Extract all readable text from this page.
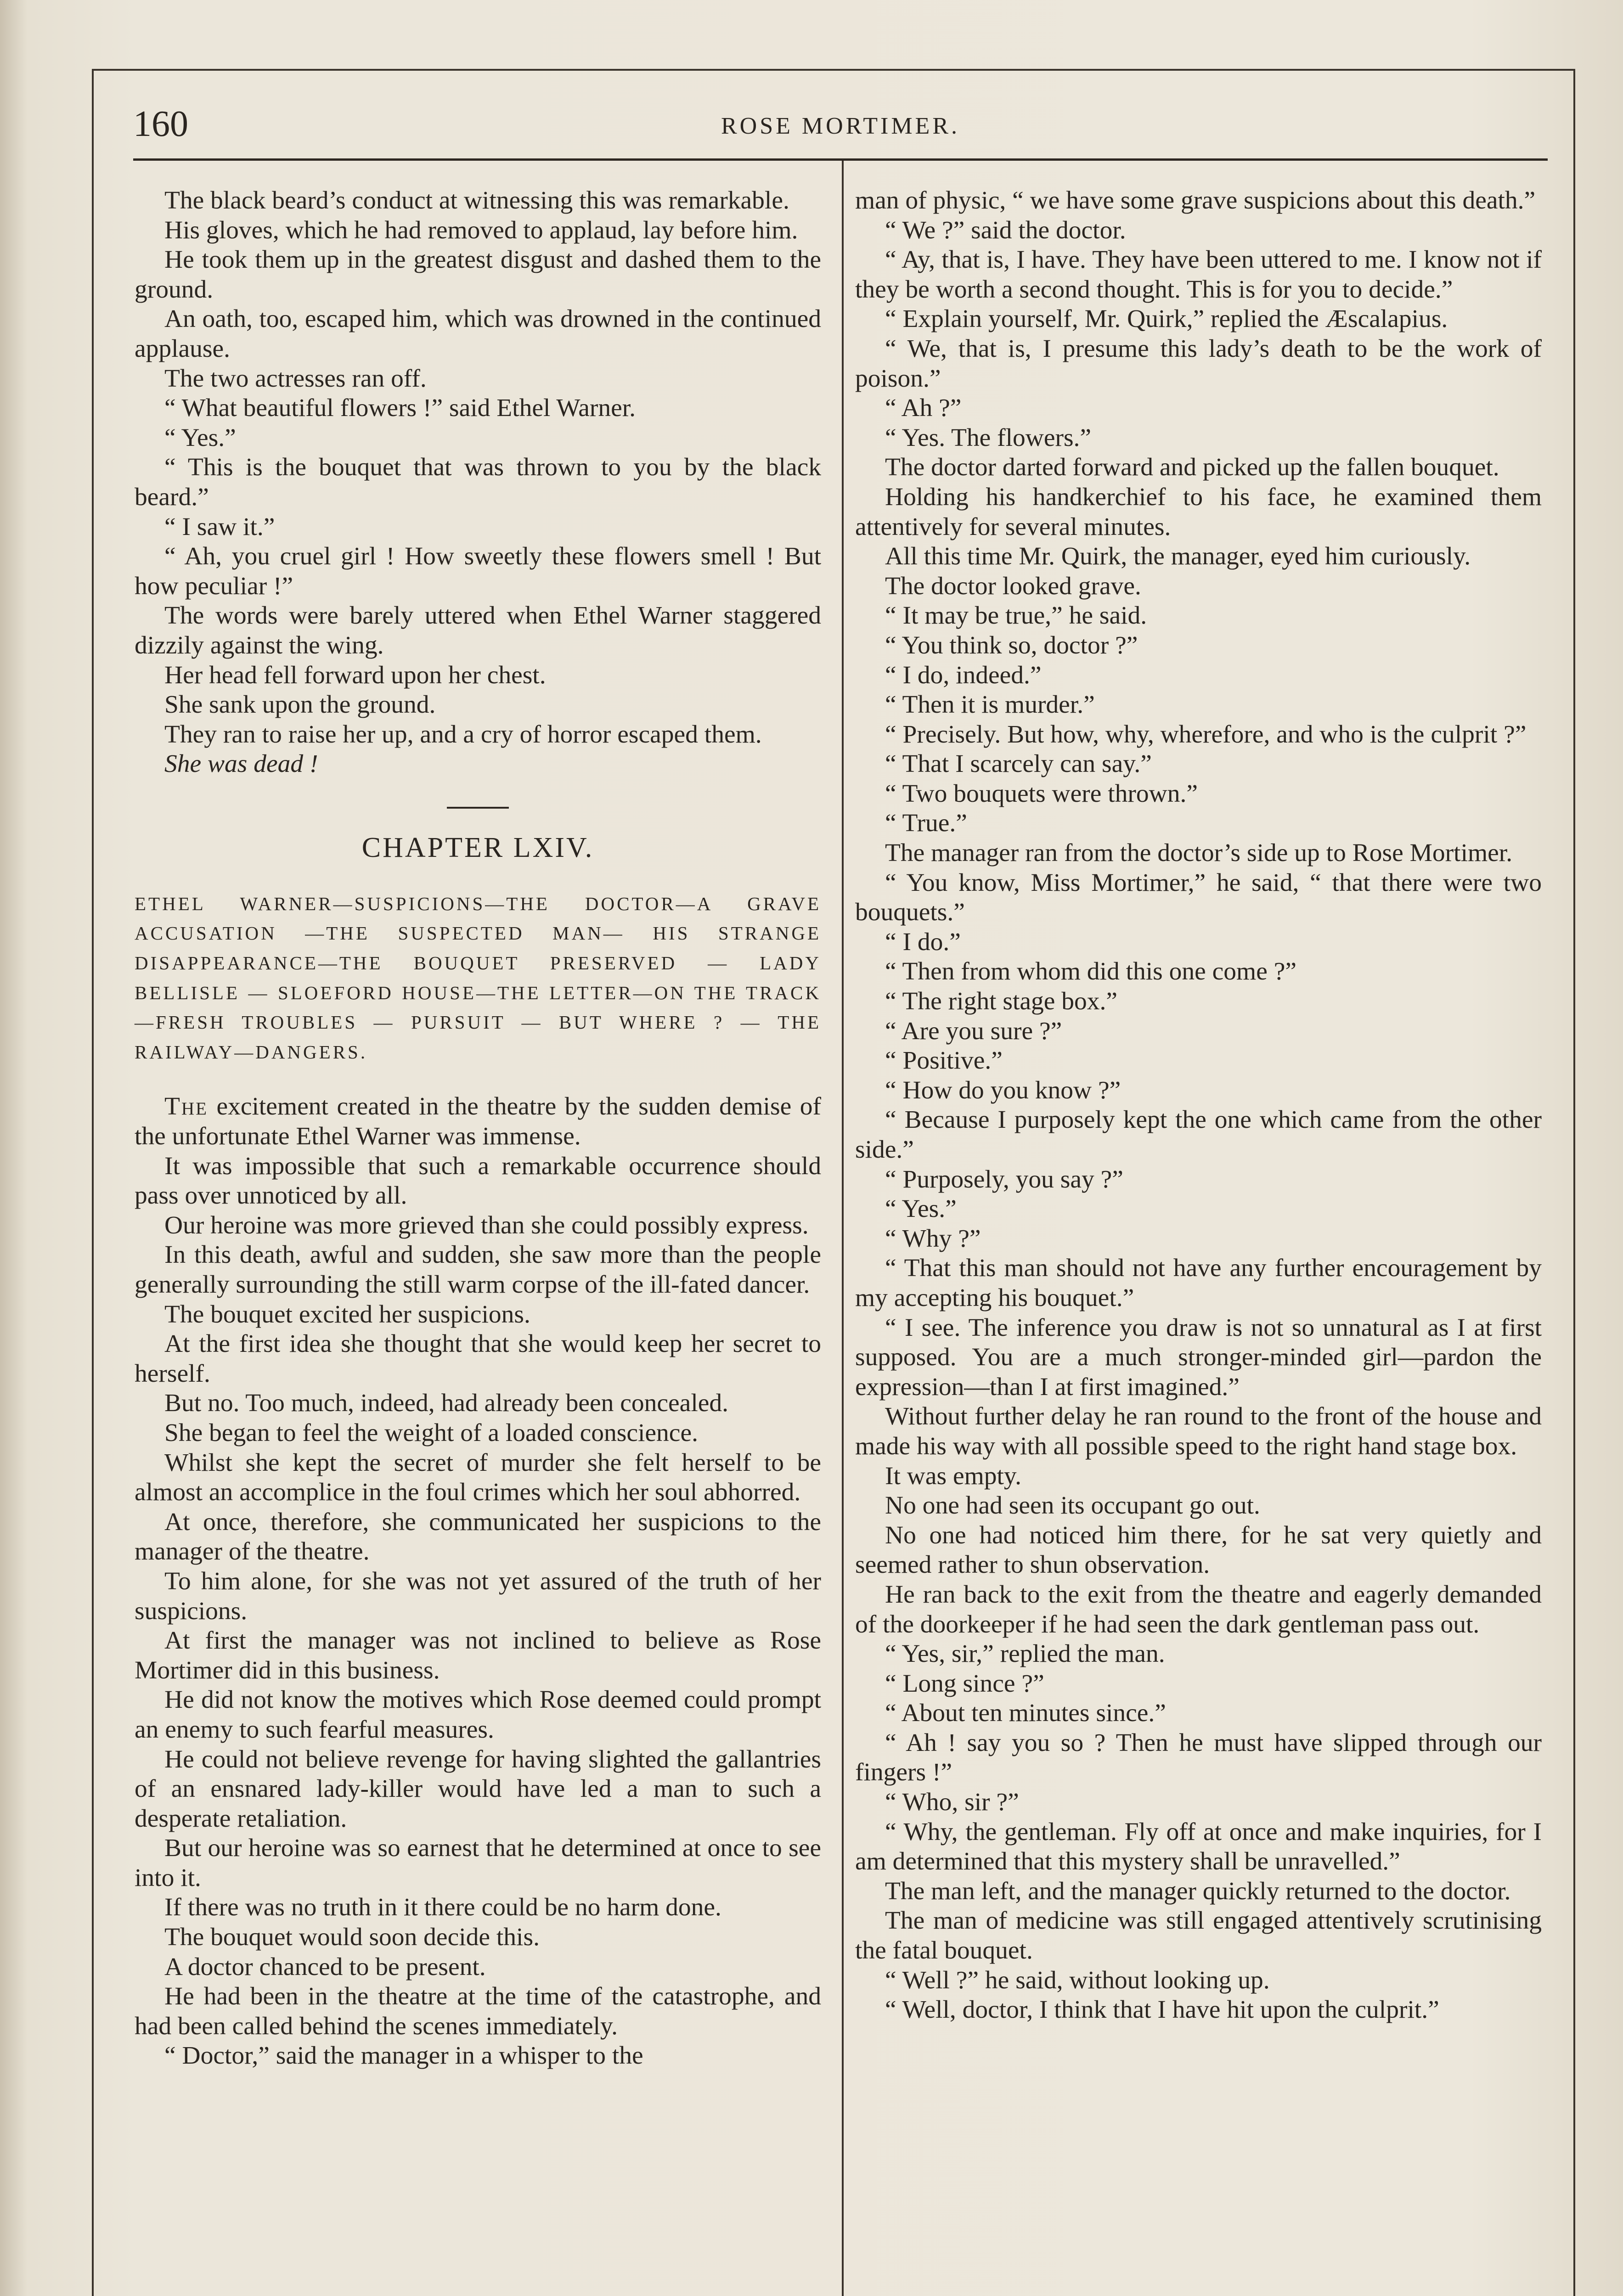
160	ROSE MORTIMER.

The black beard’s conduct at witnessing this was remarkable.

His gloves, which he had removed to applaud, lay before him.

He took them up in the greatest disgust and dashed them to the ground.

An oath, too, escaped him, which was drowned in the continued applause.

The two actresses ran off.

“ What beautiful flowers !” said Ethel Warner.

“ Yes.”

“ This is the bouquet that was thrown to you by the black beard.”

“ I saw it.”

“ Ah, you cruel girl ! How sweetly these flowers smell ! But how peculiar !”

The words were barely uttered when Ethel Warner staggered dizzily against the wing.

Her head fell forward upon her chest.

She sank upon the ground.

They ran to raise her up, and a cry of horror escaped them.

She was dead !

CHAPTER LXIV.
ETHEL WARNER—SUSPICIONS—THE DOCTOR—A GRAVE ACCUSATION —THE SUSPECTED MAN— HIS STRANGE DISAPPEARANCE—THE BOUQUET PRESERVED — LADY BELLISLE — SLOEFORD HOUSE—THE LETTER—ON THE TRACK—FRESH TROUBLES — PURSUIT — BUT WHERE ? — THE RAILWAY—DANGERS.

The excitement created in the theatre by the sudden demise of the unfortunate Ethel Warner was immense.

It was impossible that such a remarkable occurrence should pass over unnoticed by all.

Our heroine was more grieved than she could possibly express.

In this death, awful and sudden, she saw more than the people generally surrounding the still warm corpse of the ill-fated dancer.

The bouquet excited her suspicions.

At the first idea she thought that she would keep her secret to herself.

But no. Too much, indeed, had already been concealed.

She began to feel the weight of a loaded conscience.

Whilst she kept the secret of murder she felt herself to be almost an accomplice in the foul crimes which her soul abhorred.

At once, therefore, she communicated her suspicions to the manager of the theatre.

To him alone, for she was not yet assured of the truth of her suspicions.

At first the manager was not inclined to believe as Rose Mortimer did in this business.

He did not know the motives which Rose deemed could prompt an enemy to such fearful measures.

He could not believe revenge for having slighted the gallantries of an ensnared lady-killer would have led a man to such a desperate retaliation.

But our heroine was so earnest that he determined at once to see into it.

If there was no truth in it there could be no harm done.

The bouquet would soon decide this.

A doctor chanced to be present.

He had been in the theatre at the time of the catastrophe, and had been called behind the scenes immediately.

“ Doctor,” said the manager in a whisper to the

man of physic, “ we have some grave suspicions about this death.”

“ We ?” said the doctor.

“ Ay, that is, I have. They have been uttered to me. I know not if they be worth a second thought. This is for you to decide.”

“ Explain yourself, Mr. Quirk,” replied the Æscalapius.

“ We, that is, I presume this lady’s death to be the work of poison.”

“ Ah ?”

“ Yes. The flowers.”

The doctor darted forward and picked up the fallen bouquet.

Holding his handkerchief to his face, he examined them attentively for several minutes.

All this time Mr. Quirk, the manager, eyed him curiously.

The doctor looked grave.

“ It may be true,” he said.

“ You think so, doctor ?”

“ I do, indeed.”

“ Then it is murder.”

“ Precisely. But how, why, wherefore, and who is the culprit ?”

“ That I scarcely can say.”

“ Two bouquets were thrown.”

“ True.”

The manager ran from the doctor’s side up to Rose Mortimer.

“ You know, Miss Mortimer,” he said, “ that there were two bouquets.”

“ I do.”

“ Then from whom did this one come ?”

“ The right stage box.”

“ Are you sure ?”

“ Positive.”

“ How do you know ?”

“ Because I purposely kept the one which came from the other side.”

“ Purposely, you say ?”

“ Yes.”

“ Why ?”

“ That this man should not have any further encouragement by my accepting his bouquet.”

“ I see. The inference you draw is not so unnatural as I at first supposed. You are a much stronger-minded girl—pardon the expression—than I at first imagined.”

Without further delay he ran round to the front of the house and made his way with all possible speed to the right hand stage box.

It was empty.

No one had seen its occupant go out.

No one had noticed him there, for he sat very quietly and seemed rather to shun observation.

He ran back to the exit from the theatre and eagerly demanded of the doorkeeper if he had seen the dark gentleman pass out.

“ Yes, sir,” replied the man.

“ Long since ?”

“ About ten minutes since.”

“ Ah ! say you so ? Then he must have slipped through our fingers !”

“ Who, sir ?”

“ Why, the gentleman. Fly off at once and make inquiries, for I am determined that this mystery shall be unravelled.”

The man left, and the manager quickly returned to the doctor.

The man of medicine was still engaged attentively scrutinising the fatal bouquet.

“ Well ?” he said, without looking up.

“ Well, doctor, I think that I have hit upon the culprit.”
